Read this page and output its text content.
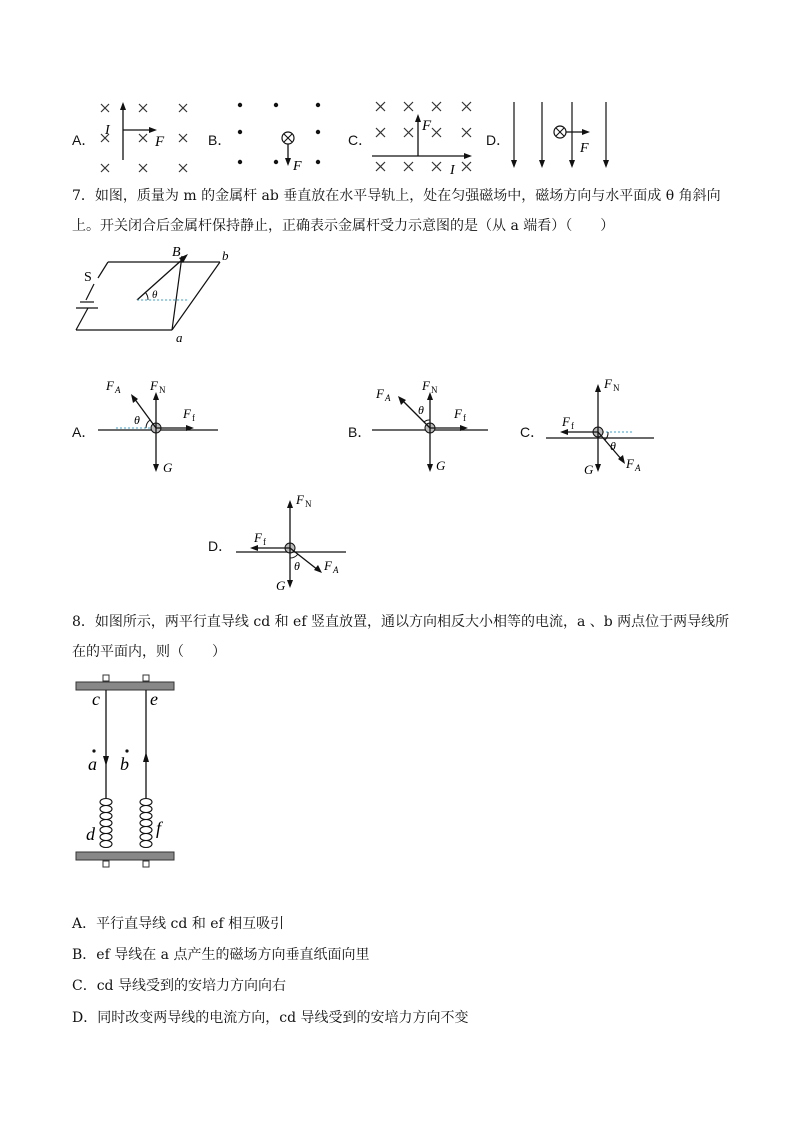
A．
I
F	B．
F
C．
F
I
D．
F
7．如图，质量为 m 的金属杆 ab 垂直放在水平导轨上，处在匀强磁场中，磁场方向与水平面成 θ 角斜向
上。开关闭合后金属杆保持静止，正确表示金属杆受力示意图的是（从 a 端看）（　　）
S
B
θ
b
a
A．
F A F N
F f
G
θ
B．
F A
F N
F f
G
θ
C．
F N
F f
G	F A
θ
D．
F N
F f
G
F A
θ
8．如图所示，两平行直导线 cd 和 ef 竖直放置，通以方向相反大小相等的电流，a 、b 两点位于两导线所
在的平面内，则（　　）
c	e
a b
d	f
A．平行直导线 cd 和 ef 相互吸引
B．ef 导线在 a 点产生的磁场方向垂直纸面向里
C．cd 导线受到的安培力方向向右
D．同时改变两导线的电流方向，cd 导线受到的安培力方向不变
